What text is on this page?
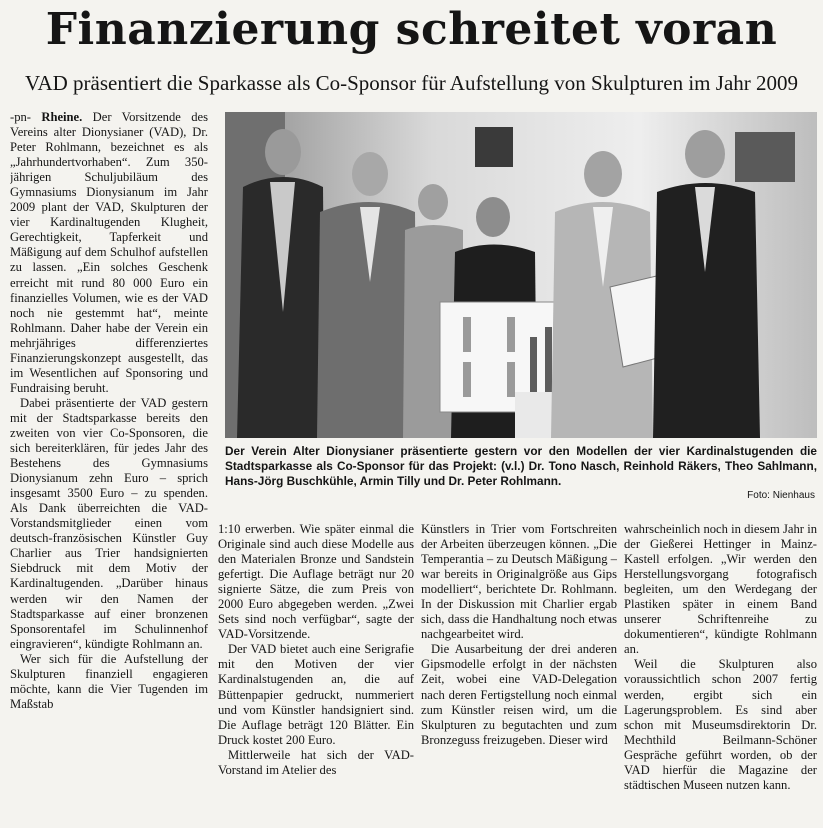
Finanzierung schreitet voran
VAD präsentiert die Sparkasse als Co-Sponsor für Aufstellung von Skulpturen im Jahr 2009

-pn- Rheine. Der Vorsitzende des Vereins alter Dionysianer (VAD), Dr. Peter Rohlmann, bezeichnet es als „Jahrhundertvorhaben“. Zum 350-jährigen Schuljubiläum des Gymnasiums Dionysianum im Jahr 2009 plant der VAD, Skulpturen der vier Kardinaltugenden Klugheit, Gerechtigkeit, Tapferkeit und Mäßigung auf dem Schulhof aufstellen zu lassen. „Ein solches Geschenk erreicht mit rund 80 000 Euro ein finanzielles Volumen, wie es der VAD noch nie gestemmt hat“, meinte Rohlmann. Daher habe der Verein ein mehrjähriges differenziertes Finanzierungskonzept ausgestellt, das im Wesentlichen auf Sponsoring und Fundraising beruht.

Dabei präsentierte der VAD gestern mit der Stadtsparkasse bereits den zweiten von vier Co-Sponsoren, die sich bereiterklären, für jedes Jahr des Bestehens des Gymnasiums Dionysianum zehn Euro – sprich insgesamt 3500 Euro – zu spenden. Als Dank überreichten die VAD-Vorstandsmitglieder einen vom deutsch-französischen Künstler Guy Charlier aus Trier handsignierten Siebdruck mit dem Motiv der Kardinaltugenden. „Darüber hinaus werden wir den Namen der Stadtsparkasse auf einer bronzenen Sponsorentafel im Schulinnenhof eingravieren“, kündigte Rohlmann an.

Wer sich für die Aufstellung der Skulpturen finanziell engagieren möchte, kann die Vier Tugenden im Maßstab

Der Verein Alter Dionysianer präsentierte gestern vor den Modellen der vier Kardinalstugenden die Stadtsparkasse als Co-Sponsor für das Projekt: (v.l.) Dr. Tono Nasch, Reinhold Räkers, Theo Sahlmann, Hans-Jörg Buschkühle, Armin Tilly und Dr. Peter Rohlmann.
Foto: Nienhaus

1:10 erwerben. Wie später einmal die Originale sind auch diese Modelle aus den Materialen Bronze und Sandstein gefertigt. Die Auflage beträgt nur 20 signierte Sätze, die zum Preis von 2000 Euro abgegeben werden. „Zwei Sets sind noch verfügbar“, sagte der VAD-Vorsitzende.

Der VAD bietet auch eine Serigrafie mit den Motiven der vier Kardinalstugenden an, die auf Büttenpapier gedruckt, nummeriert und vom Künstler handsigniert sind. Die Auflage beträgt 120 Blätter. Ein Druck kostet 200 Euro.

Mittlerweile hat sich der VAD-Vorstand im Atelier des

Künstlers in Trier vom Fortschreiten der Arbeiten überzeugen können. „Die Temperantia – zu Deutsch Mäßigung – war bereits in Originalgröße aus Gips modelliert“, berichtete Dr. Rohlmann. In der Diskussion mit Charlier ergab sich, dass die Handhaltung noch etwas nachgearbeitet wird.

Die Ausarbeitung der drei anderen Gipsmodelle erfolgt in der nächsten Zeit, wobei eine VAD-Delegation nach deren Fertigstellung noch einmal zum Künstler reisen wird, um die Skulpturen zu begutachten und zum Bronzeguss freizugeben. Dieser wird

wahrscheinlich noch in diesem Jahr in der Gießerei Hettinger in Mainz-Kastell erfolgen. „Wir werden den Herstellungsvorgang fotografisch begleiten, um den Werdegang der Plastiken später in einem Band unserer Schriftenreihe zu dokumentieren“, kündigte Rohlmann an.

Weil die Skulpturen also voraussichtlich schon 2007 fertig werden, ergibt sich ein Lagerungsproblem. Es sind aber schon mit Museumsdirektorin Dr. Mechthild Beilmann-Schöner Gespräche geführt worden, ob der VAD hierfür die Magazine der städtischen Museen nutzen kann.
